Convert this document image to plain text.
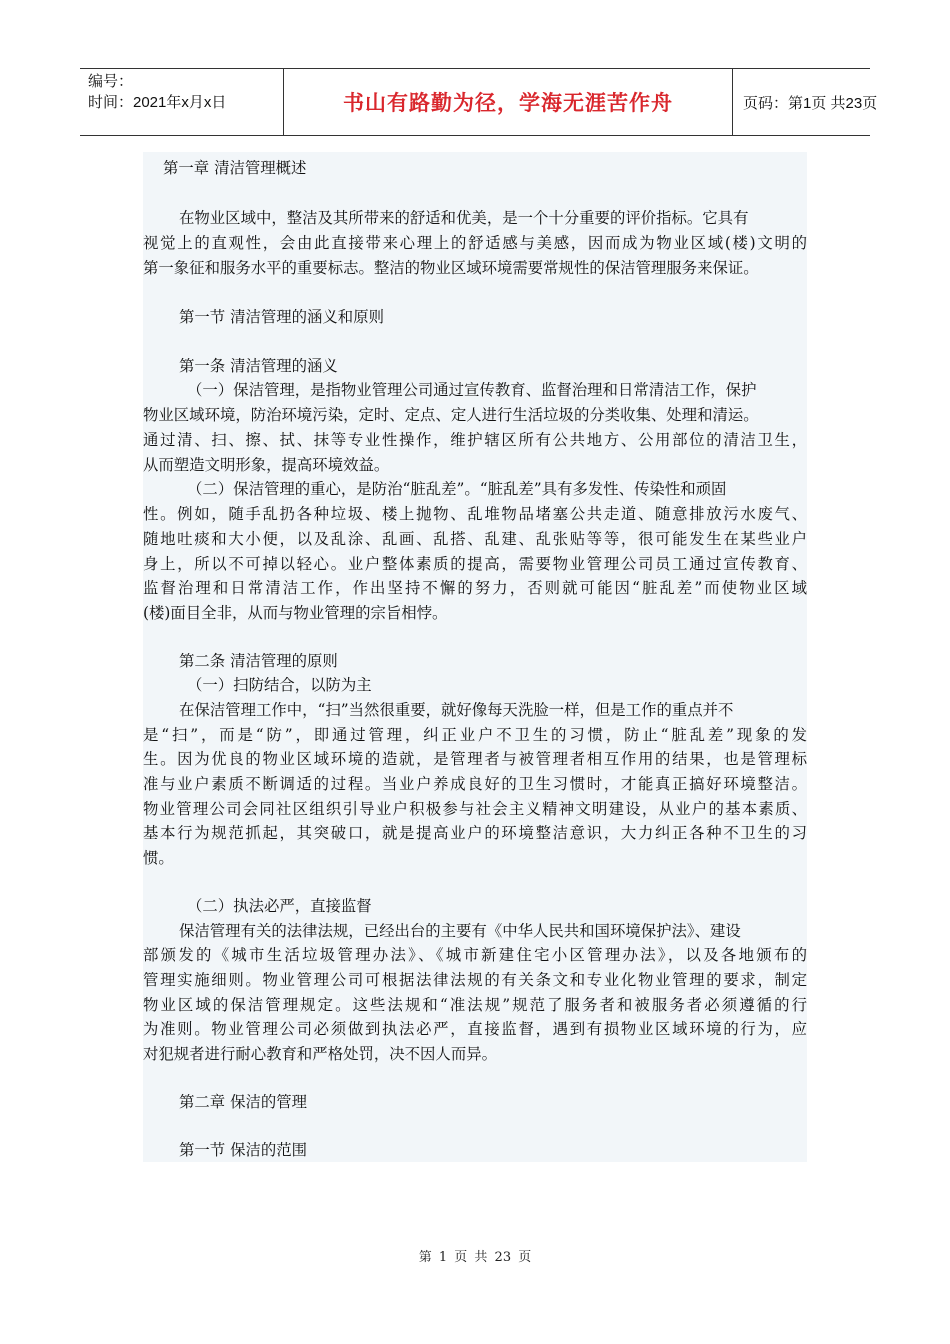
编号：
时间：2021年x月x日	书山有路勤为径，学海无涯苦作舟	页码：第1页 共23页
第一章 清洁管理概述
在物业区域中，整洁及其所带来的舒适和优美，是一个十分重要的评价指标。它具有
视觉上的直观性，会由此直接带来心理上的舒适感与美感，因而成为物业区域(楼)文明的
第一象征和服务水平的重要标志。整洁的物业区域环境需要常规性的保洁管理服务来保证。
第一节 清洁管理的涵义和原则
第一条 清洁管理的涵义
（一）保洁管理，是指物业管理公司通过宣传教育、监督治理和日常清洁工作，保护
物业区域环境，防治环境污染，定时、定点、定人进行生活垃圾的分类收集、处理和清运。
通过清、扫、擦、拭、抹等专业性操作，维护辖区所有公共地方、公用部位的清洁卫生，
从而塑造文明形象，提高环境效益。
（二）保洁管理的重心，是防治“脏乱差”。“脏乱差”具有多发性、传染性和顽固
性。例如，随手乱扔各种垃圾、楼上抛物、乱堆物品堵塞公共走道、随意排放污水废气、
随地吐痰和大小便，以及乱涂、乱画、乱搭、乱建、乱张贴等等，很可能发生在某些业户
身上，所以不可掉以轻心。业户整体素质的提高，需要物业管理公司员工通过宣传教育、
监督治理和日常清洁工作，作出坚持不懈的努力，否则就可能因“脏乱差”而使物业区域
(楼)面目全非，从而与物业管理的宗旨相悖。
第二条 清洁管理的原则
（一）扫防结合，以防为主
在保洁管理工作中，“扫”当然很重要，就好像每天洗脸一样，但是工作的重点并不
是“扫”，而是“防”，即通过管理，纠正业户不卫生的习惯，防止“脏乱差”现象的发
生。因为优良的物业区域环境的造就，是管理者与被管理者相互作用的结果，也是管理标
准与业户素质不断调适的过程。当业户养成良好的卫生习惯时，才能真正搞好环境整洁。
物业管理公司会同社区组织引导业户积极参与社会主义精神文明建设，从业户的基本素质、
基本行为规范抓起，其突破口，就是提高业户的环境整洁意识，大力纠正各种不卫生的习
惯。
（二）执法必严，直接监督
保洁管理有关的法律法规，已经出台的主要有《中华人民共和国环境保护法》、建设
部颁发的《城市生活垃圾管理办法》、《城市新建住宅小区管理办法》，以及各地颁布的
管理实施细则。物业管理公司可根据法律法规的有关条文和专业化物业管理的要求，制定
物业区域的保洁管理规定。这些法规和“准法规”规范了服务者和被服务者必须遵循的行
为准则。物业管理公司必须做到执法必严，直接监督，遇到有损物业区域环境的行为，应
对犯规者进行耐心教育和严格处罚，决不因人而异。
第二章 保洁的管理
第一节 保洁的范围
第 1 页 共 23 页
